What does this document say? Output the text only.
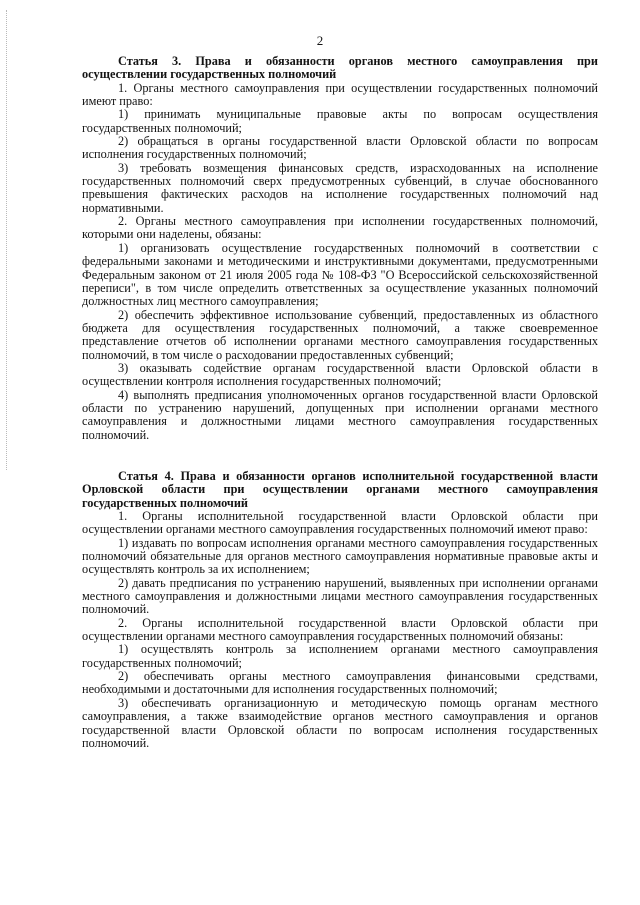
2

Статья 3. Права и обязанности органов местного самоуправления при осуществлении государственных полномочий

1. Органы местного самоуправления при осуществлении государственных полномочий имеют право:

1) принимать муниципальные правовые акты по вопросам осуществления государственных полномочий;

2) обращаться в органы государственной власти Орловской области по вопросам исполнения государственных полномочий;

3) требовать возмещения финансовых средств, израсходованных на исполнение государственных полномочий сверх предусмотренных субвенций, в случае обоснованного превышения фактических расходов на исполнение государственных полномочий над нормативными.

2. Органы местного самоуправления при исполнении государственных полномочий, которыми они наделены, обязаны:

1) организовать осуществление государственных полномочий в соответствии с федеральными законами и методическими и инструктивными документами, предусмотренными Федеральным законом от 21 июля 2005 года № 108-ФЗ "О Всероссийской сельскохозяйственной переписи", в том числе определить ответственных за осуществление указанных полномочий должностных лиц местного самоуправления;

2) обеспечить эффективное использование субвенций, предоставленных из областного бюджета для осуществления государственных полномочий, а также своевременное представление отчетов об исполнении органами местного самоуправления государственных полномочий, в том числе о расходовании предоставленных субвенций;

3) оказывать содействие органам государственной власти Орловской области в осуществлении контроля исполнения государственных полномочий;

4) выполнять предписания уполномоченных органов государственной власти Орловской области по устранению нарушений, допущенных при исполнении органами местного самоуправления и должностными лицами местного самоуправления государственных полномочий.

Статья 4. Права и обязанности органов исполнительной государственной власти Орловской области при осуществлении органами местного самоуправления государственных полномочий

1. Органы исполнительной государственной власти Орловской области при осуществлении органами местного самоуправления государственных полномочий имеют право:

1) издавать по вопросам исполнения органами местного самоуправления государственных полномочий обязательные для органов местного самоуправления нормативные правовые акты и осуществлять контроль за их исполнением;

2) давать предписания по устранению нарушений, выявленных при исполнении органами местного самоуправления и должностными лицами местного самоуправления государственных полномочий.

2. Органы исполнительной государственной власти Орловской области при осуществлении органами местного самоуправления государственных полномочий обязаны:

1) осуществлять контроль за исполнением органами местного самоуправления государственных полномочий;

2) обеспечивать органы местного самоуправления финансовыми средствами, необходимыми и достаточными для исполнения государственных полномочий;

3) обеспечивать организационную и методическую помощь органам местного самоуправления, а также взаимодействие органов местного самоуправления и органов государственной власти Орловской области по вопросам исполнения государственных полномочий.
